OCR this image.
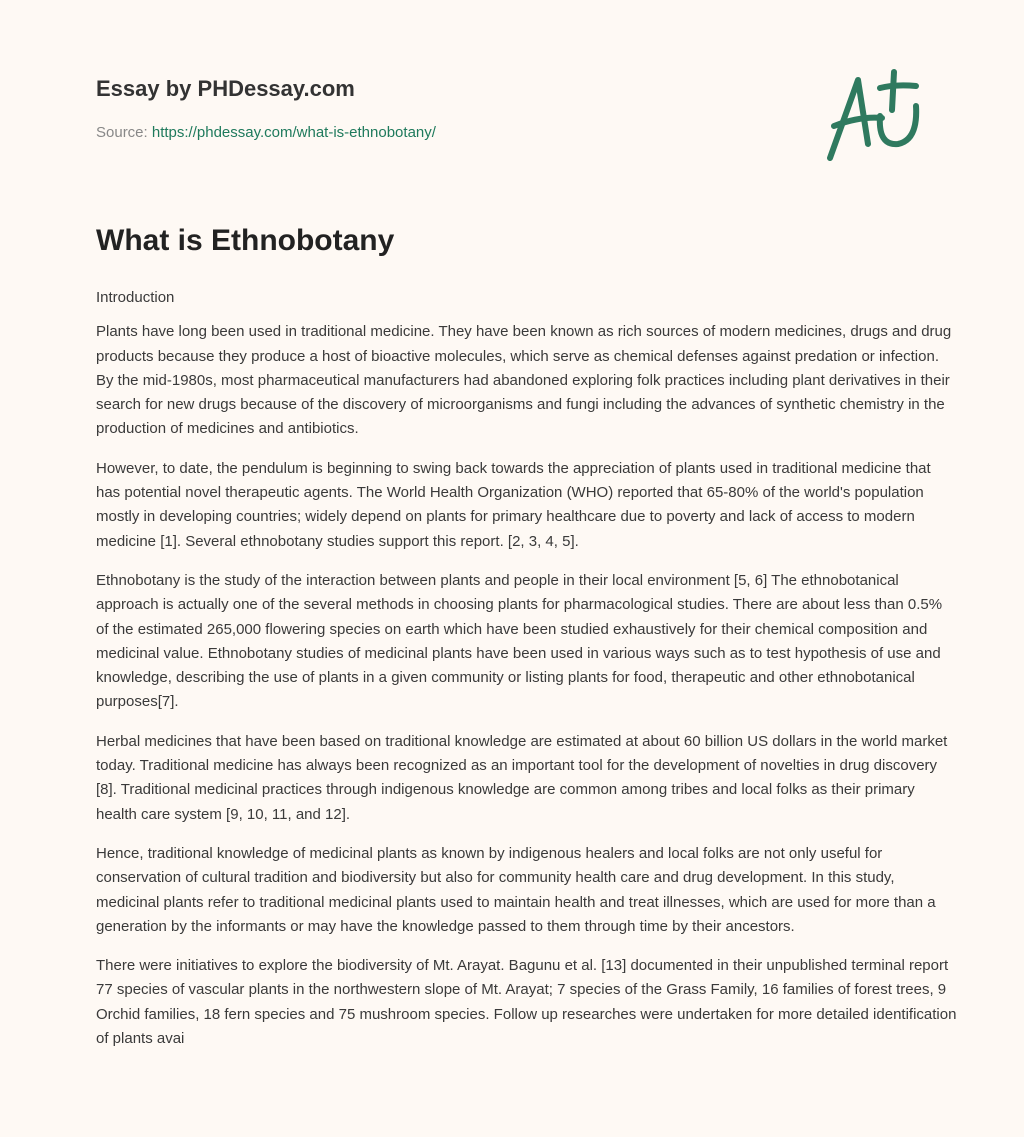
Essay by PHDessay.com
Source: https://phdessay.com/what-is-ethnobotany/
What is Ethnobotany

Introduction

Plants have long been used in traditional medicine. They have been known as rich sources of modern medicines, drugs and drug products because they produce a host of bioactive molecules, which serve as chemical defenses against predation or infection. By the mid-1980s, most pharmaceutical manufacturers had abandoned exploring folk practices including plant derivatives in their search for new drugs because of the discovery of microorganisms and fungi including the advances of synthetic chemistry in the production of medicines and antibiotics.

However, to date, the pendulum is beginning to swing back towards the appreciation of plants used in traditional medicine that has potential novel therapeutic agents. The World Health Organization (WHO) reported that 65-80% of the world's population mostly in developing countries; widely depend on plants for primary healthcare due to poverty and lack of access to modern medicine [1]. Several ethnobotany studies support this report. [2, 3, 4, 5].

Ethnobotany is the study of the interaction between plants and people in their local environment [5, 6] The ethnobotanical approach is actually one of the several methods in choosing plants for pharmacological studies. There are about less than 0.5% of the estimated 265,000 flowering species on earth which have been studied exhaustively for their chemical composition and medicinal value. Ethnobotany studies of medicinal plants have been used in various ways such as to test hypothesis of use and knowledge, describing the use of plants in a given community or listing plants for food, therapeutic and other ethnobotanical purposes[7].

Herbal medicines that have been based on traditional knowledge are estimated at about 60 billion US dollars in the world market today. Traditional medicine has always been recognized as an important tool for the development of novelties in drug discovery [8]. Traditional medicinal practices through indigenous knowledge are common among tribes and local folks as their primary health care system [9, 10, 11, and 12].

Hence, traditional knowledge of medicinal plants as known by indigenous healers and local folks are not only useful for conservation of cultural tradition and biodiversity but also for community health care and drug development. In this study, medicinal plants refer to traditional medicinal plants used to maintain health and treat illnesses, which are used for more than a generation by the informants or may have the knowledge passed to them through time by their ancestors.

There were initiatives to explore the biodiversity of Mt. Arayat. Bagunu et al. [13] documented in their unpublished terminal report 77 species of vascular plants in the northwestern slope of Mt. Arayat; 7 species of the Grass Family, 16 families of forest trees, 9 Orchid families, 18 fern species and 75 mushroom species. Follow up researches were undertaken for more detailed identification of plants avai
